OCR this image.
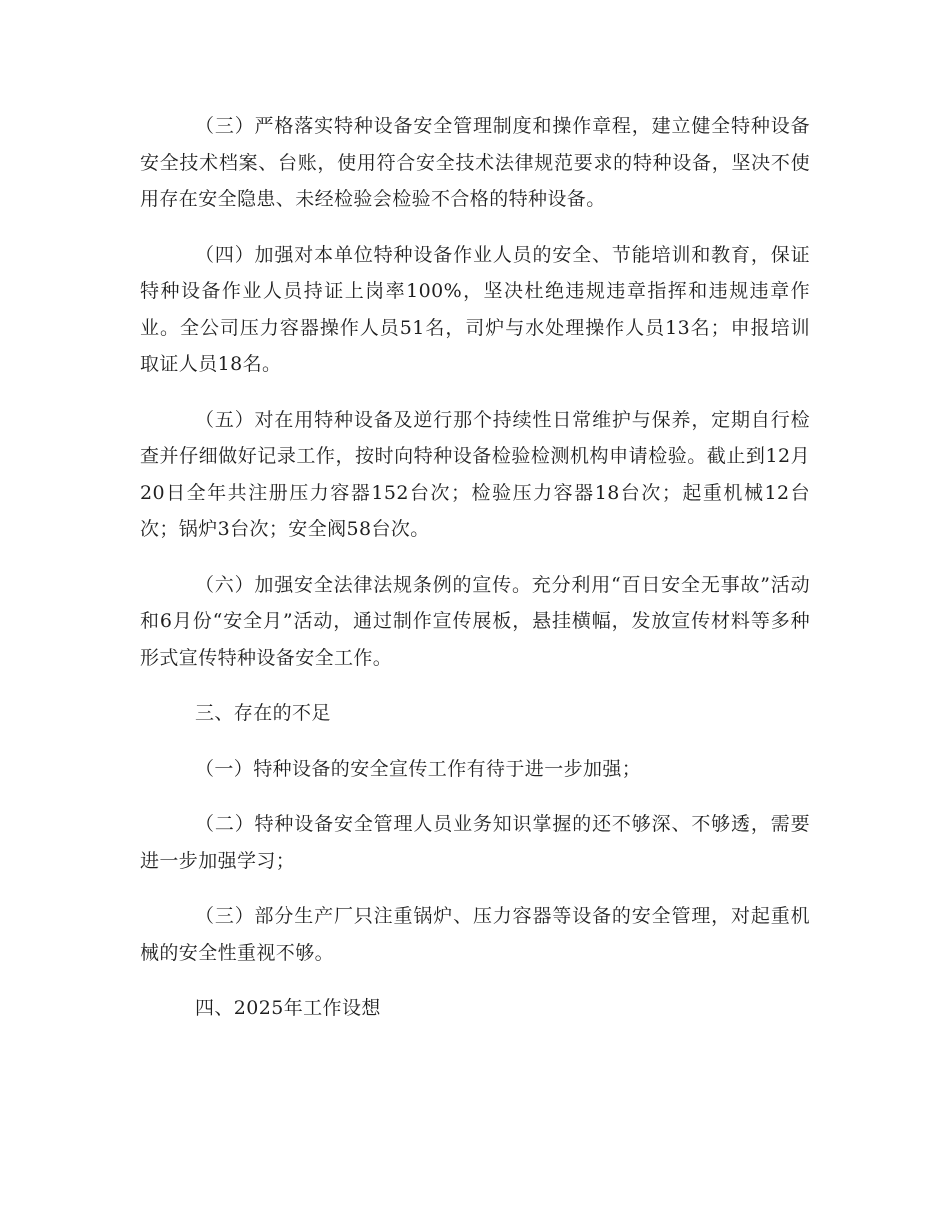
（三）严格落实特种设备安全管理制度和操作章程，建立健全特种设备安全技术档案、台账，使用符合安全技术法律规范要求的特种设备，坚决不使用存在安全隐患、未经检验会检验不合格的特种设备。

（四）加强对本单位特种设备作业人员的安全、节能培训和教育，保证特种设备作业人员持证上岗率100%，坚决杜绝违规违章指挥和违规违章作业。全公司压力容器操作人员51名，司炉与水处理操作人员13名；申报培训取证人员18名。

（五）对在用特种设备及逆行那个持续性日常维护与保养，定期自行检查并仔细做好记录工作，按时向特种设备检验检测机构申请检验。截止到12月20日全年共注册压力容器152台次；检验压力容器18台次；起重机械12台次；锅炉3台次；安全阀58台次。

（六）加强安全法律法规条例的宣传。充分利用“百日安全无事故”活动和6月份“安全月”活动，通过制作宣传展板，悬挂横幅，发放宣传材料等多种形式宣传特种设备安全工作。

三、存在的不足

（一）特种设备的安全宣传工作有待于进一步加强；

（二）特种设备安全管理人员业务知识掌握的还不够深、不够透，需要进一步加强学习；

（三）部分生产厂只注重锅炉、压力容器等设备的安全管理，对起重机械的安全性重视不够。

四、2025年工作设想
